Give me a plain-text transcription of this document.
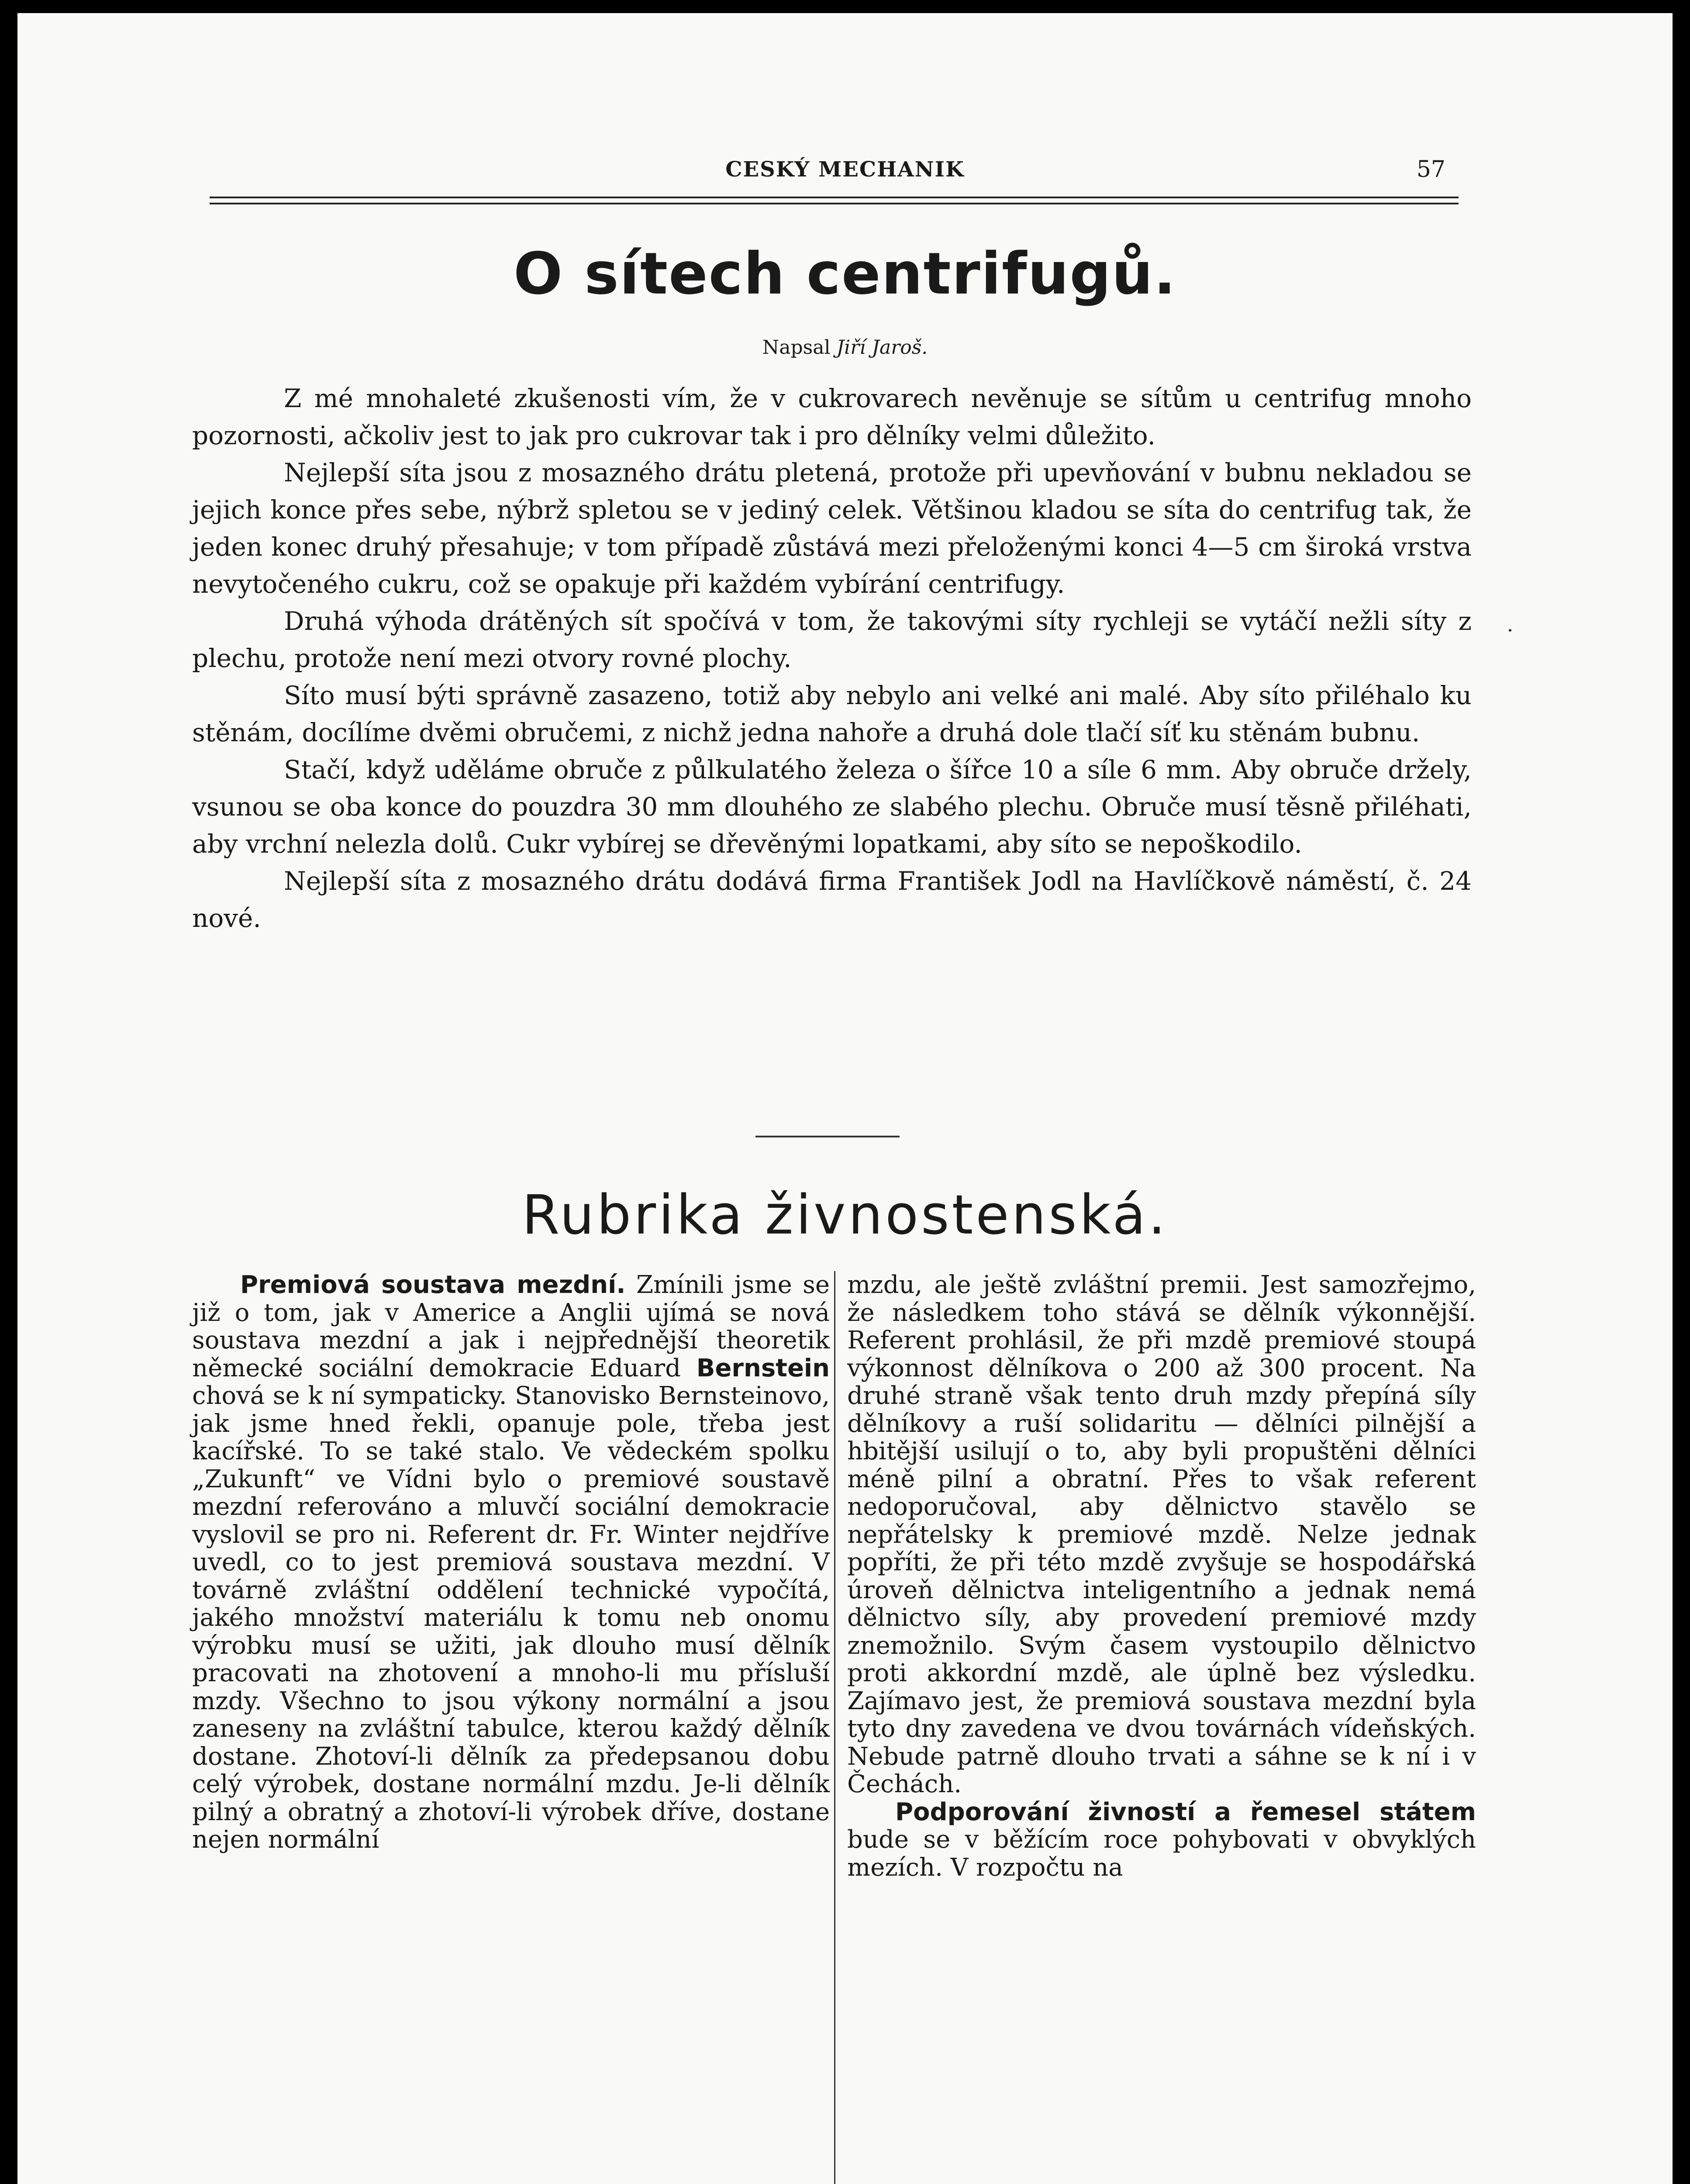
CESKÝ MECHANIK	57
O sítech centrifugů.
Napsal Jiří Jaroš.

Z mé mnohaleté zkušenosti vím, že v cukrovarech nevěnuje se sítům u centrifug mnoho pozornosti, ačkoliv jest to jak pro cukrovar tak i pro dělníky velmi důležito.

Nejlepší síta jsou z mosazného drátu pletená, protože při upevňování v bubnu nekladou se jejich konce přes sebe, nýbrž spletou se v jediný celek. Většinou kladou se síta do centrifug tak, že jeden konec druhý přesahuje; v tom případě zůstává mezi přeloženými konci 4—5 cm široká vrstva nevytočeného cukru, což se opakuje při každém vybírání centrifugy.

Druhá výhoda drátěných sít spočívá v tom, že takovými síty rychleji se vytáčí nežli síty z plechu, protože není mezi otvory rovné plochy.

Síto musí býti správně zasazeno, totiž aby nebylo ani velké ani malé. Aby síto přiléhalo ku stěnám, docílíme dvěmi obručemi, z nichž jedna nahoře a druhá dole tlačí síť ku stěnám bubnu.

Stačí, když uděláme obruče z půlkulatého železa o šířce 10 a síle 6 mm. Aby obruče držely, vsunou se oba konce do pouzdra 30 mm dlouhého ze slabého plechu. Obruče musí těsně přiléhati, aby vrchní nelezla dolů. Cukr vybírej se dřevěnými lopatkami, aby síto se nepoškodilo.

Nejlepší síta z mosazného drátu dodává firma František Jodl na Havlíčkově náměstí, č. 24 nové.

Rubrika živnostenská.

Premiová soustava mezdní. Zmínili jsme se již o tom, jak v Americe a Anglii ujímá se nová soustava mezdní a jak i nejpřednější theoretik německé sociální demokracie Eduard Bernstein chová se k ní sympaticky. Stanovisko Bernsteinovo, jak jsme hned řekli, opanuje pole, třeba jest kacířské. To se také stalo. Ve vědeckém spolku „Zukunft“ ve Vídni bylo o premiové soustavě mezdní referováno a mluvčí sociální demokracie vyslovil se pro ni. Referent dr. Fr. Winter nejdříve uvedl, co to jest premiová soustava mezdní. V továrně zvláštní oddělení technické vypočítá, jakého množství materiálu k tomu neb onomu výrobku musí se užiti, jak dlouho musí dělník pracovati na zhotovení a mnoho-li mu přísluší mzdy. Všechno to jsou výkony normální a jsou zaneseny na zvláštní tabulce, kterou každý dělník dostane. Zhotoví-li dělník za předepsanou dobu celý výrobek, dostane normální mzdu. Je-li dělník pilný a obratný a zhotoví-li výrobek dříve, dostane nejen normální

mzdu, ale ještě zvláštní premii. Jest samozřejmo, že následkem toho stává se dělník výkonnější. Referent prohlásil, že při mzdě premiové stoupá výkonnost dělníkova o 200 až 300 procent. Na druhé straně však tento druh mzdy přepíná síly dělníkovy a ruší solidaritu — dělníci pilnější a hbitější usilují o to, aby byli propuštěni dělníci méně pilní a obratní. Přes to však referent nedoporučoval, aby dělnictvo stavělo se nepřátelsky k premiové mzdě. Nelze jednak popříti, že při této mzdě zvyšuje se hospodářská úroveň dělnictva inteligentního a jednak nemá dělnictvo síly, aby provedení premiové mzdy znemožnilo. Svým časem vystoupilo dělnictvo proti akkordní mzdě, ale úplně bez výsledku. Zajímavo jest, že premiová soustava mezdní byla tyto dny zavedena ve dvou továrnách vídeňských. Nebude patrně dlouho trvati a sáhne se k ní i v Čechách.

Podporování živností a řemesel státem bude se v běžícím roce pohybovati v obvyklých mezích. V rozpočtu na
